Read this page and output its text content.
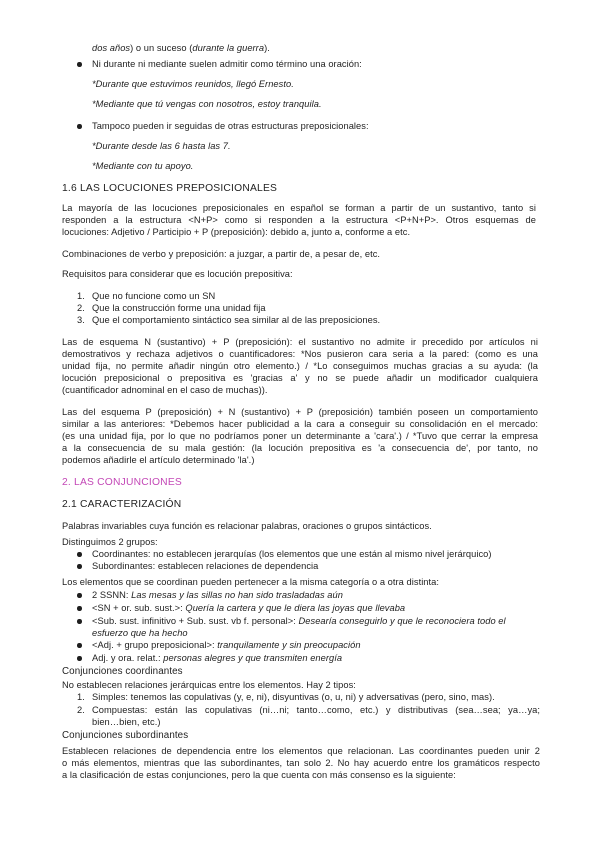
dos años) o un suceso (durante la guerra).
Ni durante ni mediante suelen admitir como término una oración:
*Durante que estuvimos reunidos, llegó Ernesto.
*Mediante que tú vengas con nosotros, estoy tranquila.
Tampoco pueden ir seguidas de otras estructuras preposicionales:
*Durante desde las 6 hasta las 7.
*Mediante con tu apoyo.
1.6 LAS LOCUCIONES PREPOSICIONALES
La mayoría de las locuciones preposicionales en español se forman a partir de un sustantivo, tanto si
responden a la estructura <N+P> como si responden a la estructura <P+N+P>. Otros esquemas de
locuciones: Adjetivo / Participio + P (preposición): debido a, junto a, conforme a etc.
Combinaciones de verbo y preposición: a juzgar, a partir de, a pesar de, etc.
Requisitos para considerar que es locución prepositiva:
1. Que no funcione como un SN
2. Que la construcción forme una unidad fija
3. Que el comportamiento sintáctico sea similar al de las preposiciones.
Las de esquema N (sustantivo) + P (preposición): el sustantivo no admite ir precedido por artículos ni
demostrativos y rechaza adjetivos o cuantificadores: *Nos pusieron cara seria a la pared: (como es una
unidad fija, no permite añadir ningún otro elemento.) / *Lo conseguimos muchas gracias a su ayuda: (la
locución preposicional o prepositiva es 'gracias a' y no se puede añadir un modificador cualquiera
(cuantificador adnominal en el caso de muchas)).
Las del esquema P (preposición) + N (sustantivo) + P (preposición) también poseen un comportamiento
similar a las anteriores: *Debemos hacer publicidad a la cara a conseguir su consolidación en el mercado:
(es una unidad fija, por lo que no podríamos poner un determinante a 'cara'.) / *Tuvo que cerrar la empresa
a la consecuencia de su mala gestión: (la locución prepositiva es 'a consecuencia de', por tanto, no
podemos añadirle el artículo determinado 'la'.)
2. LAS CONJUNCIONES
2.1 CARACTERIZACIÓN
Palabras invariables cuya función es relacionar palabras, oraciones o grupos sintácticos.
Distinguimos 2 grupos:
Coordinantes: no establecen jerarquías (los elementos que une están al mismo nivel jerárquico)
Subordinantes: establecen relaciones de dependencia
Los elementos que se coordinan pueden pertenecer a la misma categoría o a otra distinta:
2 SSNN: Las mesas y las sillas no han sido trasladadas aún
<SN + or. sub. sust.>: Quería la cartera y que le diera las joyas que llevaba
<Sub. sust. infinitivo + Sub. sust. vb f. personal>: Desearía conseguirlo y que le reconociera todo el
esfuerzo que ha hecho
<Adj. + grupo preposicional>: tranquilamente y sin preocupación
Adj. y ora. relat.: personas alegres y que transmiten energía
Conjunciones coordinantes
No establecen relaciones jerárquicas entre los elementos. Hay 2 tipos:
1. Simples: tenemos las copulativas (y, e, ni), disyuntivas (o, u, ni) y adversativas (pero, sino, mas).
2. Compuestas: están las copulativas (ni…ni; tanto…como, etc.) y distributivas (sea…sea; ya…ya;
bien…bien, etc.)
Conjunciones subordinantes
Establecen relaciones de dependencia entre los elementos que relacionan. Las coordinantes pueden unir 2
o más elementos, mientras que las subordinantes, tan solo 2. No hay acuerdo entre los gramáticos respecto
a la clasificación de estas conjunciones, pero la que cuenta con más consenso es la siguiente:
